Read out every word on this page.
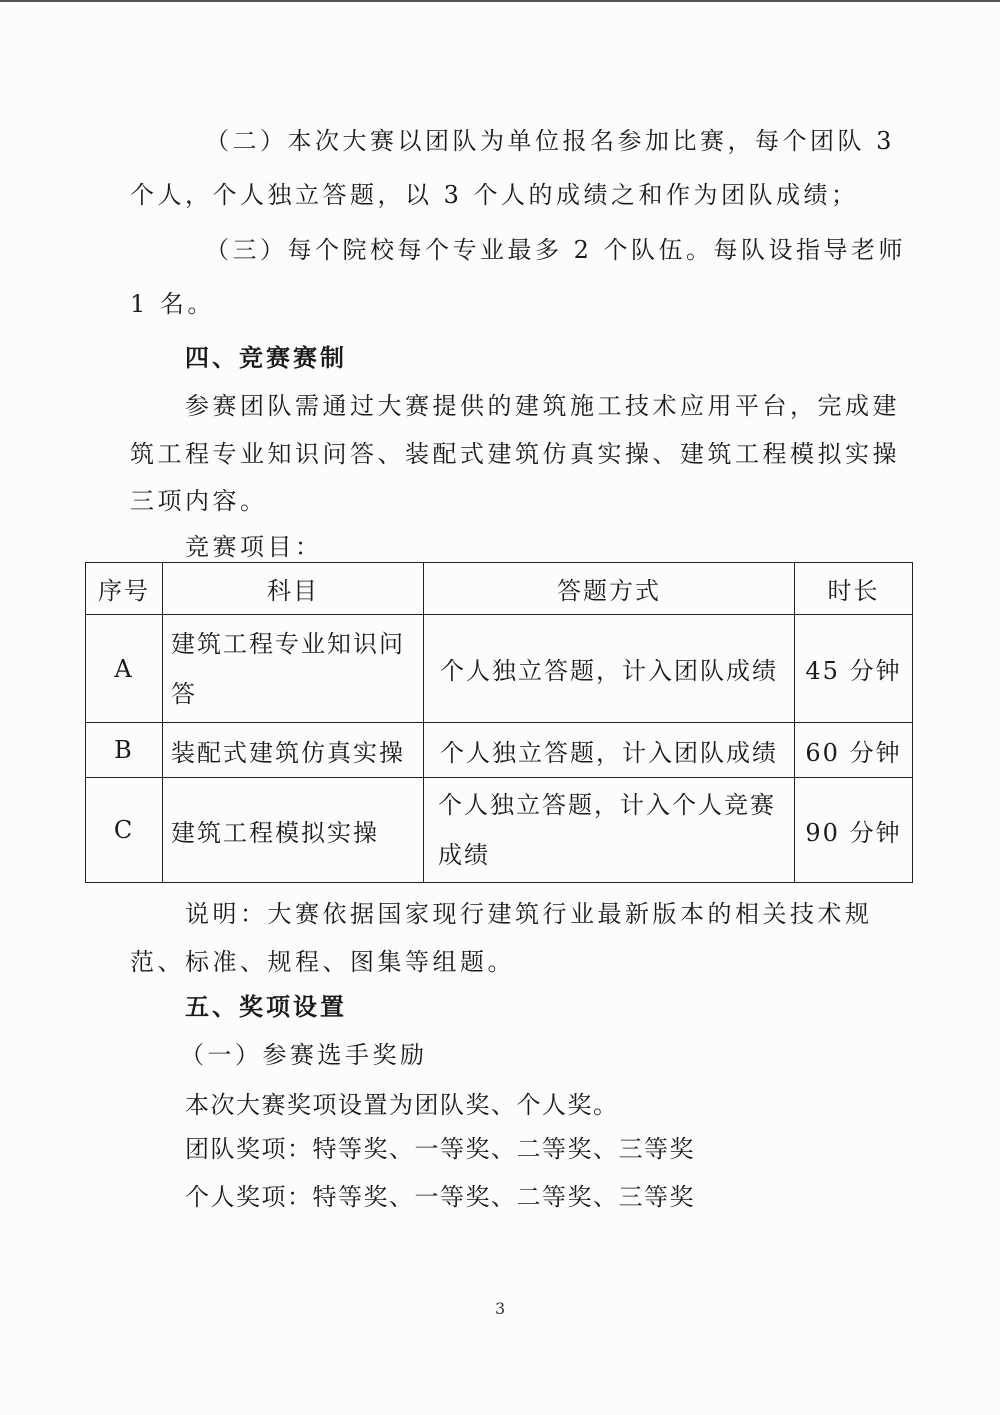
（二）本次大赛以团队为单位报名参加比赛，每个团队 3
个人，个人独立答题，以 3 个人的成绩之和作为团队成绩；
（三）每个院校每个专业最多 2 个队伍。每队设指导老师
1 名。
四、竞赛赛制
参赛团队需通过大赛提供的建筑施工技术应用平台，完成建
筑工程专业知识问答、装配式建筑仿真实操、建筑工程模拟实操
三项内容。
竞赛项目：
序号	科目	答题方式	时长
A	建筑工程专业知识问
答	个人独立答题，计入团队成绩	45 分钟
B	装配式建筑仿真实操	个人独立答题，计入团队成绩	60 分钟
C	建筑工程模拟实操	个人独立答题，计入个人竞赛
成绩	90 分钟
说明：大赛依据国家现行建筑行业最新版本的相关技术规
范、标准、规程、图集等组题。
五、奖项设置
（一）参赛选手奖励
本次大赛奖项设置为团队奖、个人奖。
团队奖项：特等奖、一等奖、二等奖、三等奖
个人奖项：特等奖、一等奖、二等奖、三等奖
3
